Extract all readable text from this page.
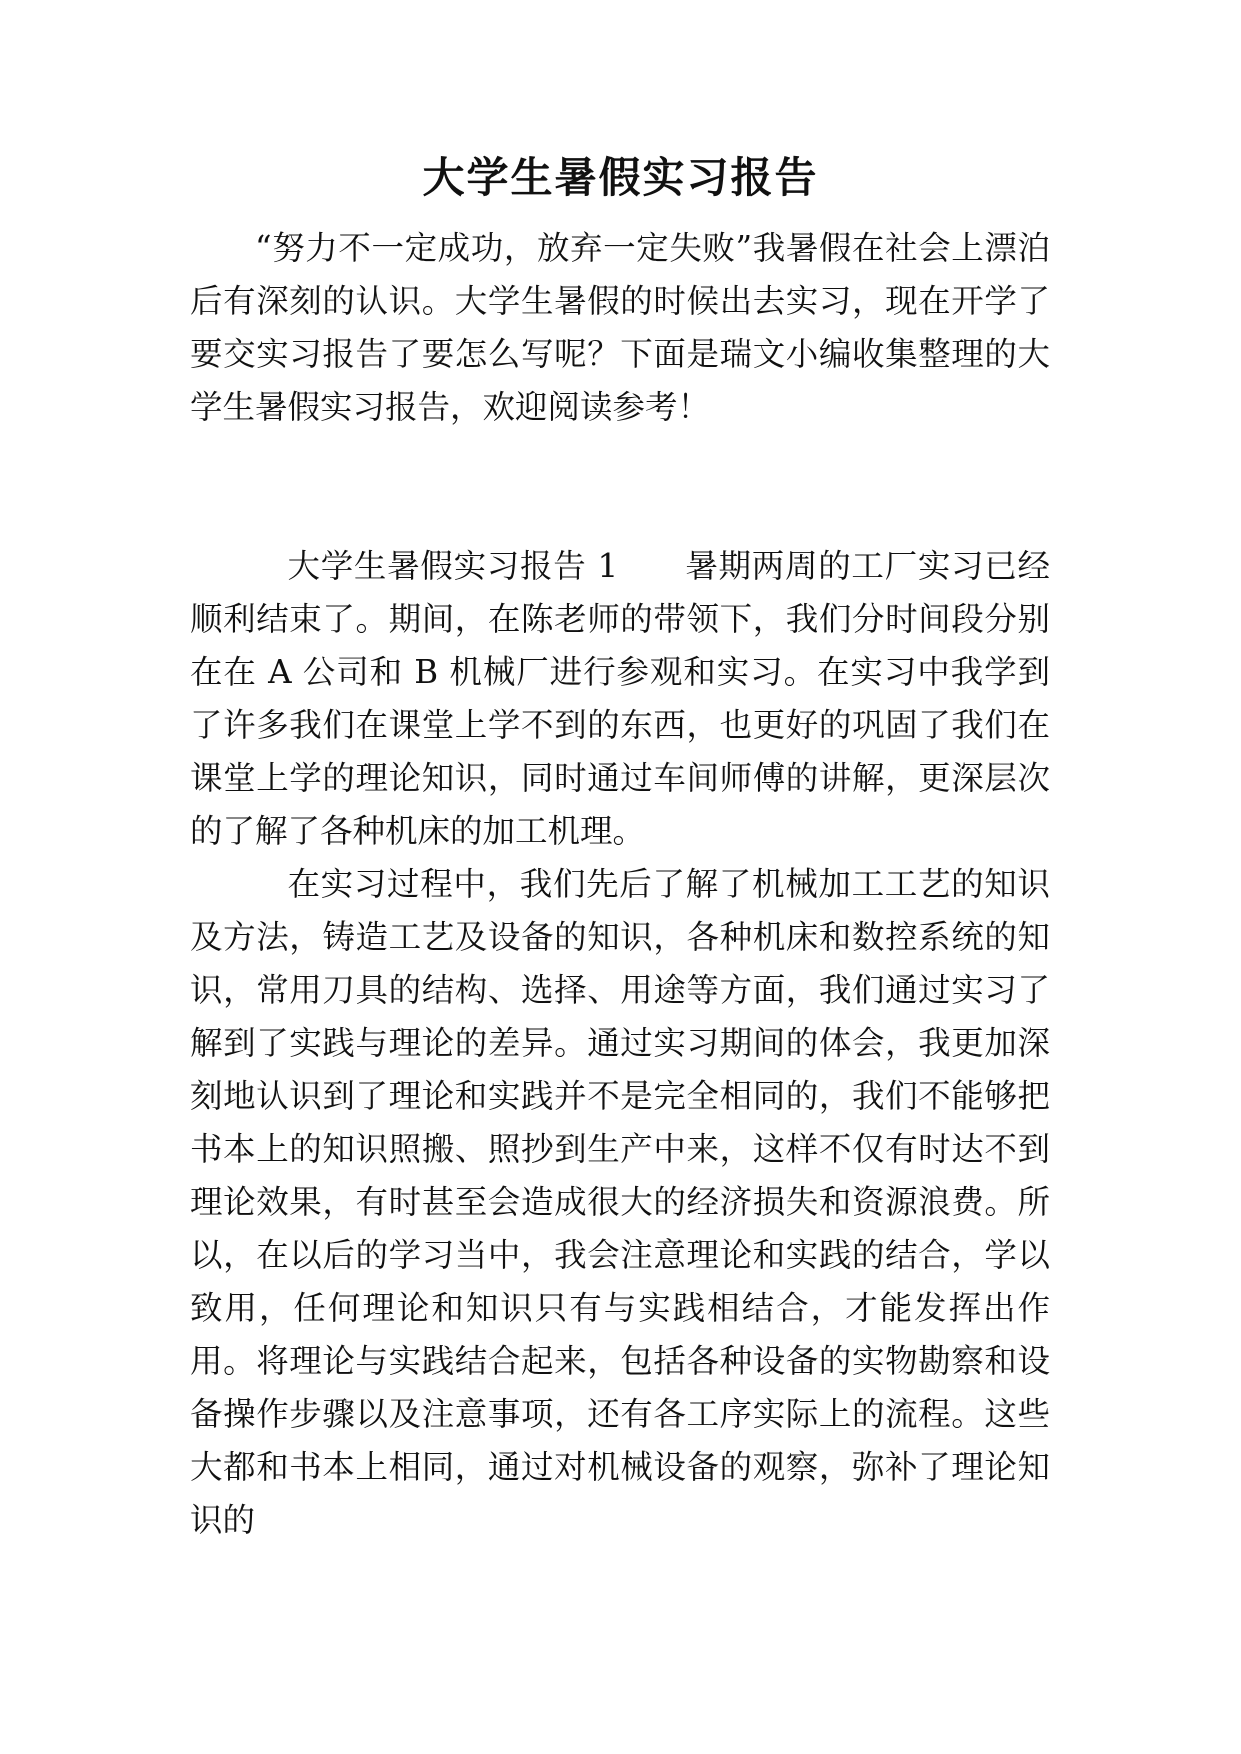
大学生暑假实习报告

“努力不一定成功，放弃一定失败”我暑假在社会上漂泊后有深刻的认识。大学生暑假的时候出去实习，现在开学了要交实习报告了要怎么写呢？下面是瑞文小编收集整理的大学生暑假实习报告，欢迎阅读参考！

大学生暑假实习报告 1　　暑期两周的工厂实习已经顺利结束了。期间，在陈老师的带领下，我们分时间段分别在在 A 公司和 B 机械厂进行参观和实习。在实习中我学到了许多我们在课堂上学不到的东西，也更好的巩固了我们在课堂上学的理论知识，同时通过车间师傅的讲解，更深层次的了解了各种机床的加工机理。

在实习过程中，我们先后了解了机械加工工艺的知识及方法，铸造工艺及设备的知识，各种机床和数控系统的知识，常用刀具的结构、选择、用途等方面，我们通过实习了解到了实践与理论的差异。通过实习期间的体会，我更加深刻地认识到了理论和实践并不是完全相同的，我们不能够把书本上的知识照搬、照抄到生产中来，这样不仅有时达不到理论效果，有时甚至会造成很大的经济损失和资源浪费。所以，在以后的学习当中，我会注意理论和实践的结合，学以致用，任何理论和知识只有与实践相结合，才能发挥出作用。将理论与实践结合起来，包括各种设备的实物勘察和设备操作步骤以及注意事项，还有各工序实际上的流程。这些大都和书本上相同，通过对机械设备的观察，弥补了理论知识的
